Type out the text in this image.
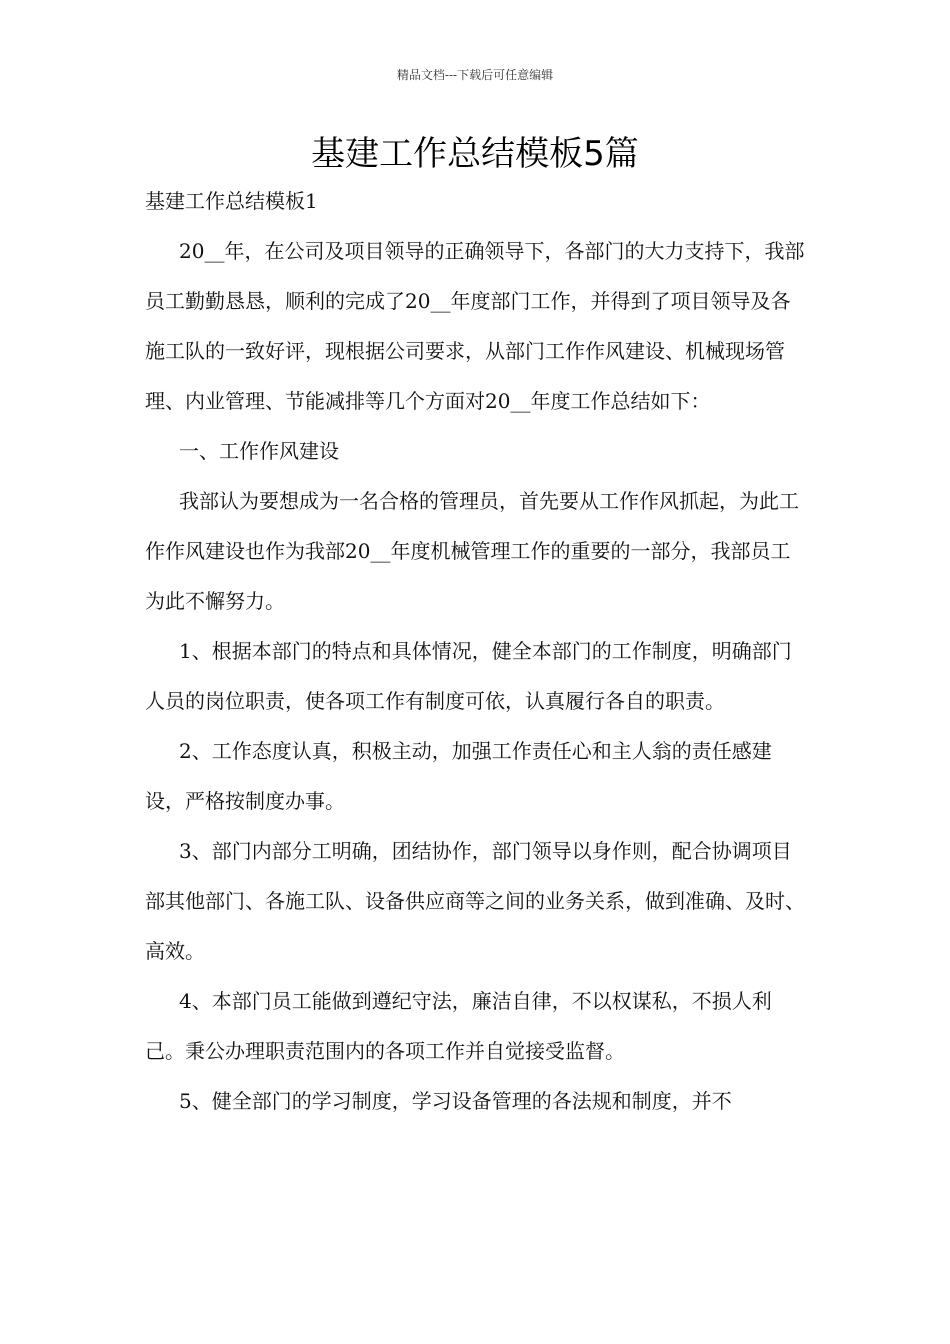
精品文档---下载后可任意编辑
基建工作总结模板5篇

基建工作总结模板1

20__年，在公司及项目领导的正确领导下，各部门的大力支持下，我部员工勤勤恳恳，顺利的完成了20__年度部门工作，并得到了项目领导及各施工队的一致好评，现根据公司要求，从部门工作作风建设、机械现场管理、内业管理、节能减排等几个方面对20__年度工作总结如下：

一、工作作风建设

我部认为要想成为一名合格的管理员，首先要从工作作风抓起，为此工作作风建设也作为我部20__年度机械管理工作的重要的一部分，我部员工为此不懈努力。

1、根据本部门的特点和具体情况，健全本部门的工作制度，明确部门人员的岗位职责，使各项工作有制度可依，认真履行各自的职责。

2、工作态度认真，积极主动，加强工作责任心和主人翁的责任感建设，严格按制度办事。

3、部门内部分工明确，团结协作，部门领导以身作则，配合协调项目部其他部门、各施工队、设备供应商等之间的业务关系，做到准确、及时、高效。

4、本部门员工能做到遵纪守法，廉洁自律，不以权谋私，不损人利己。秉公办理职责范围内的各项工作并自觉接受监督。

5、健全部门的学习制度，学习设备管理的各法规和制度，并不
